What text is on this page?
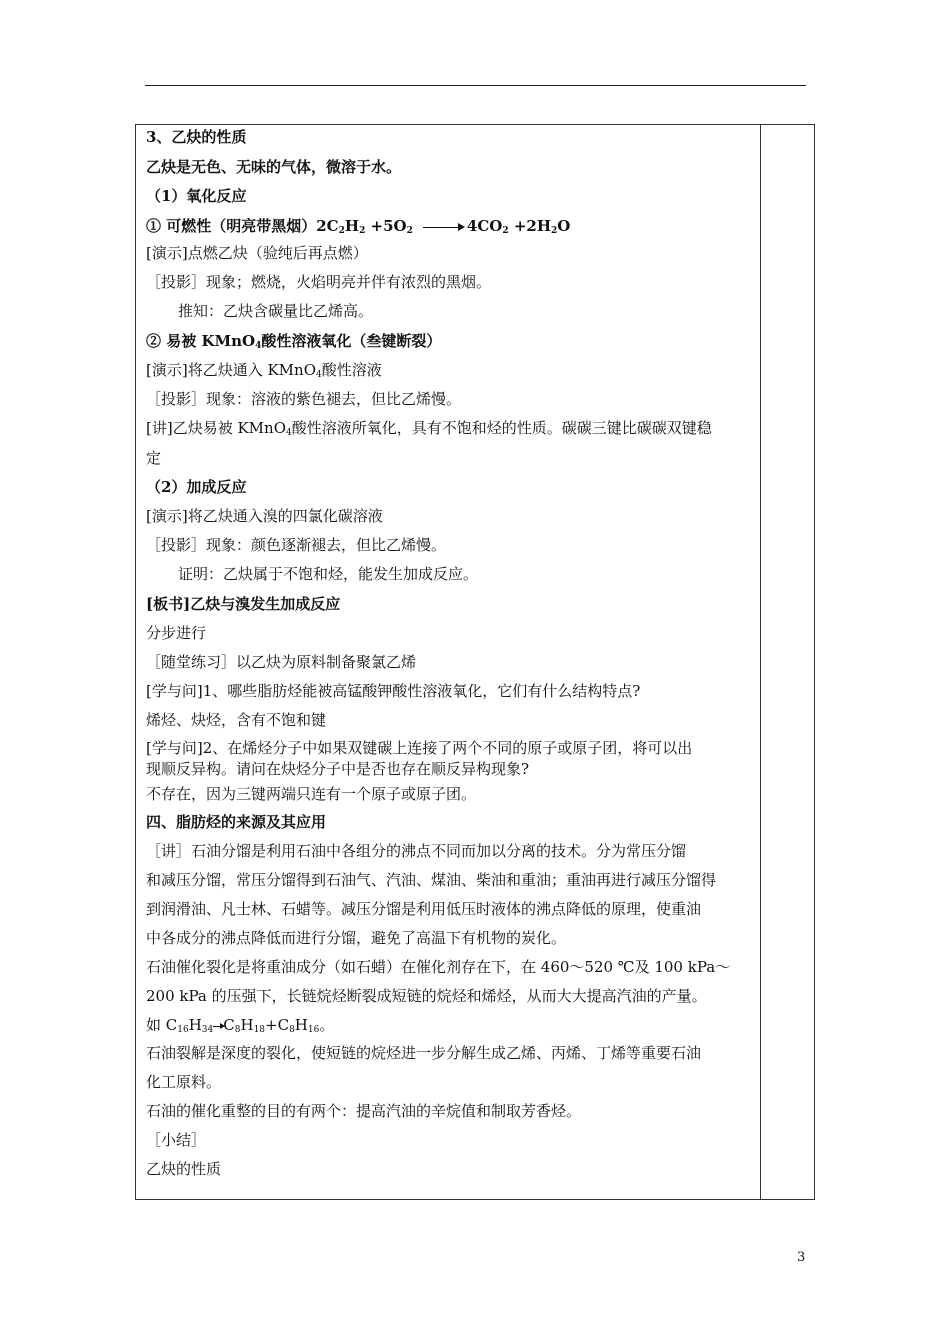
3、乙炔的性质
乙炔是无色、无味的气体，微溶于水。
（1）氧化反应
① 可燃性（明亮带黑烟）$2C_2H_2 +5O_2 \to 4CO_2 +2H_2O$
[演示]点燃乙炔（验纯后再点燃）
［投影］现象；燃烧，火焰明亮并伴有浓烈的黑烟。
推知：乙炔含碳量比乙烯高。
② 易被 KMnO$_4$酸性溶液氧化（叁键断裂）
[演示]将乙炔通入 KMnO$_4$酸性溶液
［投影］现象：溶液的紫色褪去，但比乙烯慢。
[讲]乙炔易被 KMnO$_4$酸性溶液所氧化，具有不饱和烃的性质。碳碳三键比碳碳双键稳
定
（2）加成反应
[演示]将乙炔通入溴的四氯化碳溶液
［投影］现象：颜色逐渐褪去，但比乙烯慢。
证明：乙炔属于不饱和烃，能发生加成反应。
[板书]乙炔与溴发生加成反应
分步进行
［随堂练习］以乙炔为原料制备聚氯乙烯
[学与问]1、哪些脂肪烃能被高锰酸钾酸性溶液氧化，它们有什么结构特点?
烯烃、炔烃，含有不饱和键
[学与问]2、在烯烃分子中如果双键碳上连接了两个不同的原子或原子团，将可以出
现顺反异构。请问在炔烃分子中是否也存在顺反异构现象?
不存在，因为三键两端只连有一个原子或原子团。
四、脂肪烃的来源及其应用
［讲］石油分馏是利用石油中各组分的沸点不同而加以分离的技术。分为常压分馏
和减压分馏，常压分馏得到石油气、汽油、煤油、柴油和重油；重油再进行减压分馏得
到润滑油、凡士林、石蜡等。减压分馏是利用低压时液体的沸点降低的原理，使重油
中各成分的沸点降低而进行分馏，避免了高温下有机物的炭化。
石油催化裂化是将重油成分（如石蜡）在催化剂存在下，在 460～520 ℃及 100 kPa～
200 kPa 的压强下，长链烷烃断裂成短链的烷烃和烯烃，从而大大提高汽油的产量。
如 $C_{16}H_{34}$ $C_8H_{18}+C_8H_{16}$。
石油裂解是深度的裂化，使短链的烷烃进一步分解生成乙烯、丙烯、丁烯等重要石油
化工原料。
石油的催化重整的目的有两个：提高汽油的辛烷值和制取芳香烃。
［小结］
乙炔的性质
3
